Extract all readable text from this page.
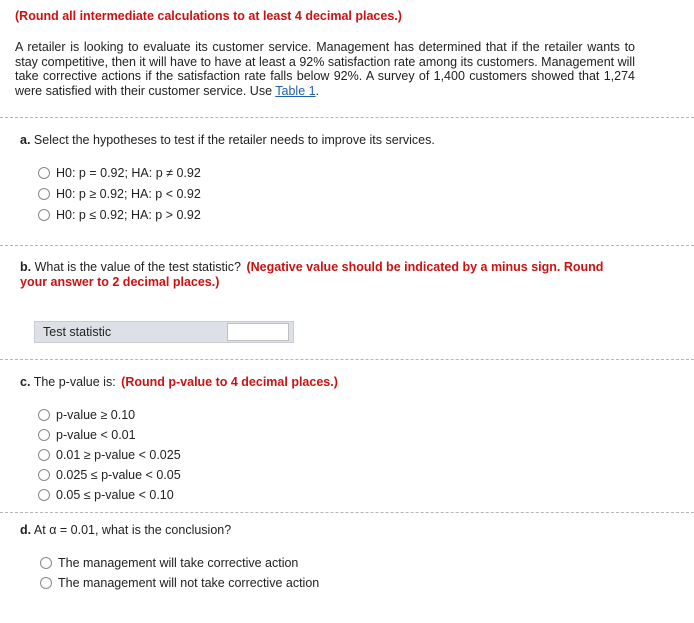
(Round all intermediate calculations to at least 4 decimal places.)
A retailer is looking to evaluate its customer service. Management has determined that if the retailer wants to stay competitive, then it will have to have at least a 92% satisfaction rate among its customers. Management will take corrective actions if the satisfaction rate falls below 92%. A survey of 1,400 customers showed that 1,274 were satisfied with their customer service. Use Table 1.
a. Select the hypotheses to test if the retailer needs to improve its services.
H0: p = 0.92; HA: p ≠ 0.92
H0: p ≥ 0.92; HA: p < 0.92
H0: p ≤ 0.92; HA: p > 0.92
b. What is the value of the test statistic? (Negative value should be indicated by a minus sign. Round your answer to 2 decimal places.)
Test statistic
c. The p-value is: (Round p-value to 4 decimal places.)
p-value ≥ 0.10
p-value < 0.01
0.01 ≥ p-value < 0.025
0.025 ≤ p-value < 0.05
0.05 ≤ p-value < 0.10
d. At α = 0.01, what is the conclusion?
The management will take corrective action
The management will not take corrective action
